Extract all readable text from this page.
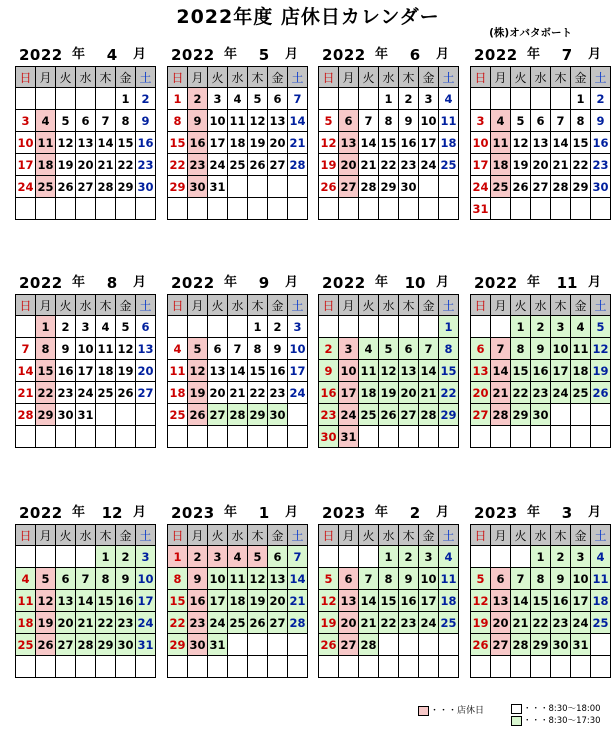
2022年度 店休日カレンダー
(株)オバタボート
2022 年	4	月
日	月	火	水	木	金	土
					1	2
3	4	5	6	7	8	9
10	11	12	13	14	15	16
17	18	19	20	21	22	23
24	25	26	27	28	29	30

2022 年	5	月
日	月	火	水	木	金	土
1	2	3	4	5	6	7
8	9	10	11	12	13	14
15	16	17	18	19	20	21
22	23	24	25	26	27	28
29	30	31				

2022 年	6	月
日	月	火	水	木	金	土
			1	2	3	4
5	6	7	8	9	10	11
12	13	14	15	16	17	18
19	20	21	22	23	24	25
26	27	28	29	30		

2022 年	7	月
日	月	火	水	木	金	土
					1	2
3	4	5	6	7	8	9
10	11	12	13	14	15	16
17	18	19	20	21	22	23
24	25	26	27	28	29	30
31						
2022 年	8	月
日	月	火	水	木	金	土
	1	2	3	4	5	6
7	8	9	10	11	12	13
14	15	16	17	18	19	20
21	22	23	24	25	26	27
28	29	30	31			

2022 年	9	月
日	月	火	水	木	金	土
				1	2	3
4	5	6	7	8	9	10
11	12	13	14	15	16	17
18	19	20	21	22	23	24
25	26	27	28	29	30	

2022 年 10 月
日	月	火	水	木	金	土
						1
2	3	4	5	6	7	8
9	10	11	12	13	14	15
16	17	18	19	20	21	22
23	24	25	26	27	28	29
30	31					
2022 年 11 月
日	月	火	水	木	金	土
		1	2	3	4	5
6	7	8	9	10	11	12
13	14	15	16	17	18	19
20	21	22	23	24	25	26
27	28	29	30			

2022 年 12 月
日	月	火	水	木	金	土
				1	2	3
4	5	6	7	8	9	10
11	12	13	14	15	16	17
18	19	20	21	22	23	24
25	26	27	28	29	30	31

2023 年	1	月
日	月	火	水	木	金	土
1	2	3	4	5	6	7
8	9	10	11	12	13	14
15	16	17	18	19	20	21
22	23	24	25	26	27	28
29	30	31				

2023 年	2	月
日	月	火	水	木	金	土
			1	2	3	4
5	6	7	8	9	10	11
12	13	14	15	16	17	18
19	20	21	22	23	24	25
26	27	28				

2023 年	3	月
日	月	火	水	木	金	土
			1	2	3	4
5	6	7	8	9	10	11
12	13	14	15	16	17	18
19	20	21	22	23	24	25
26	27	28	29	30	31	

・・・店休日	・・・8:30～18:00
・・・8:30～17:30
